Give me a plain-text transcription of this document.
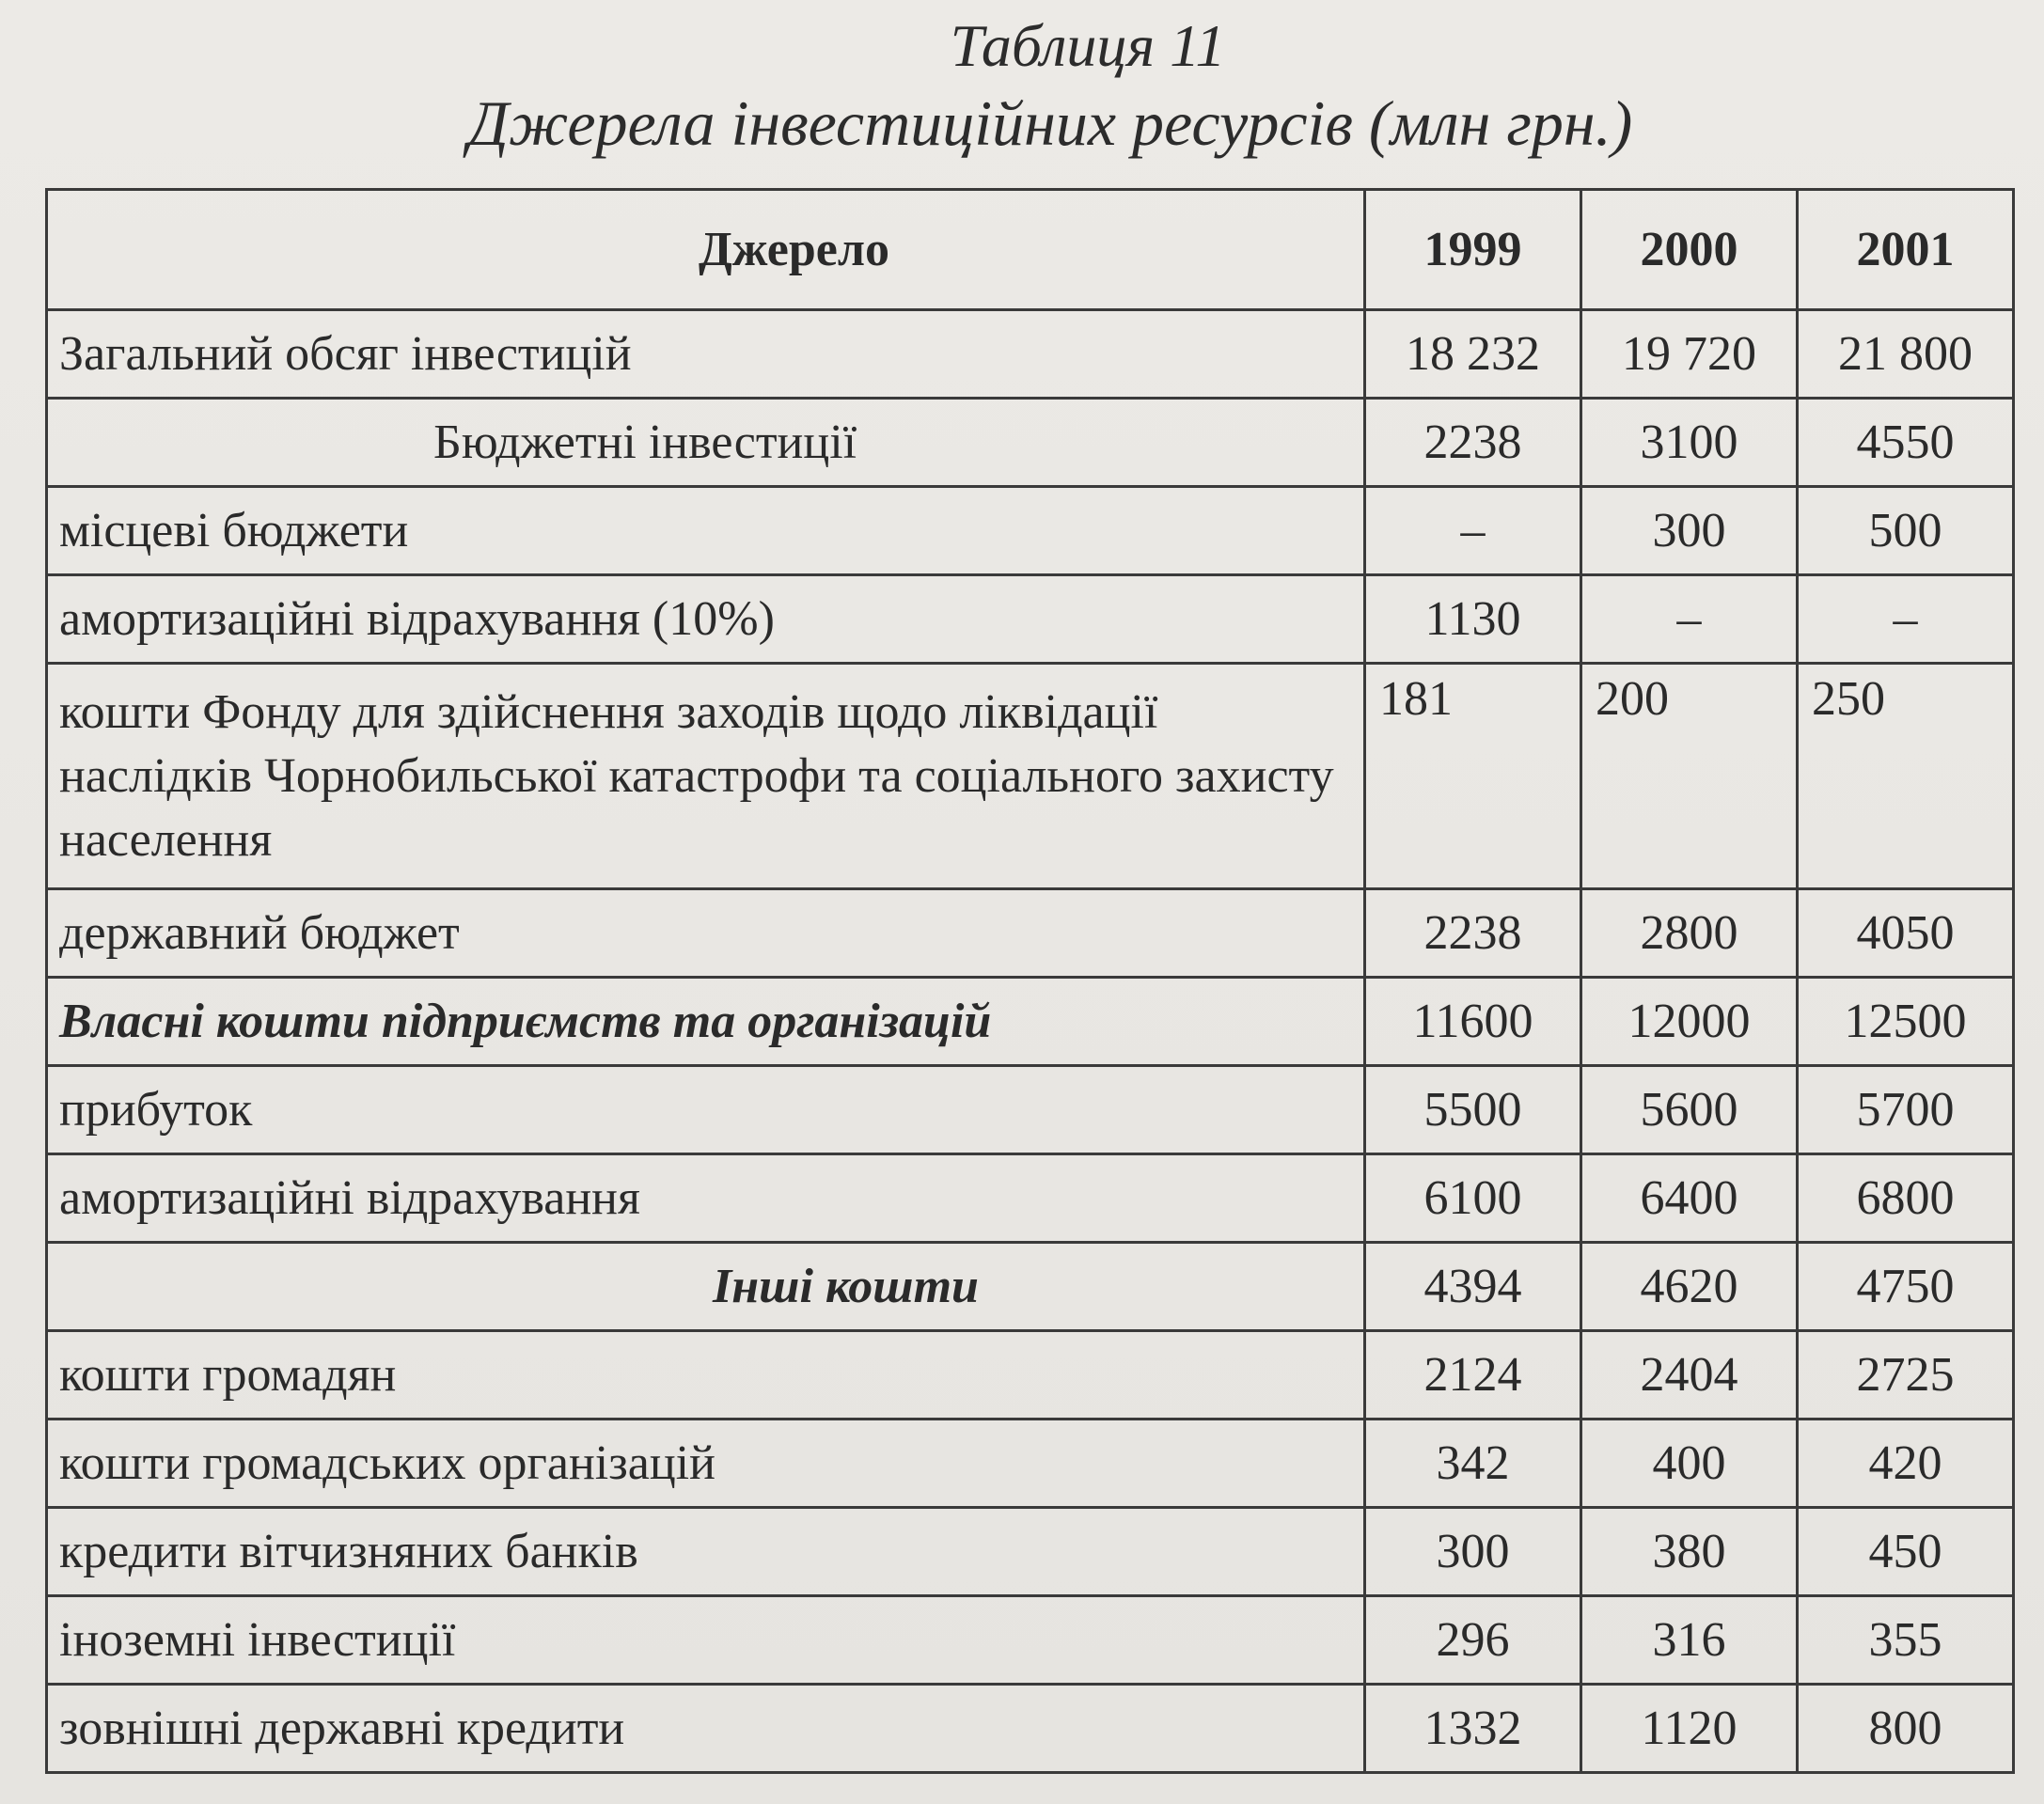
Таблиця 11
Джерела інвестиційних ресурсів (млн грн.)
Джерело	1999	2000	2001
Загальний обсяг інвестицій	18 232	19 720	21 800
Бюджетні інвестиції	2238	3100	4550
місцеві бюджети	–	300	500
амортизаційні відрахування (10%)	1130	–	–
кошти Фонду для здійснення заходів щодо ліквідації наслідків Чорнобильської катастрофи та соціального захисту населення	181	200	250
державний бюджет	2238	2800	4050
Власні кошти підприємств та організацій	11600	12000	12500
прибуток	5500	5600	5700
амортизаційні відрахування	6100	6400	6800
Інші кошти	4394	4620	4750
кошти громадян	2124	2404	2725
кошти громадських організацій	342	400	420
кредити вітчизняних банків	300	380	450
іноземні інвестиції	296	316	355
зовнішні державні кредити	1332	1120	800
